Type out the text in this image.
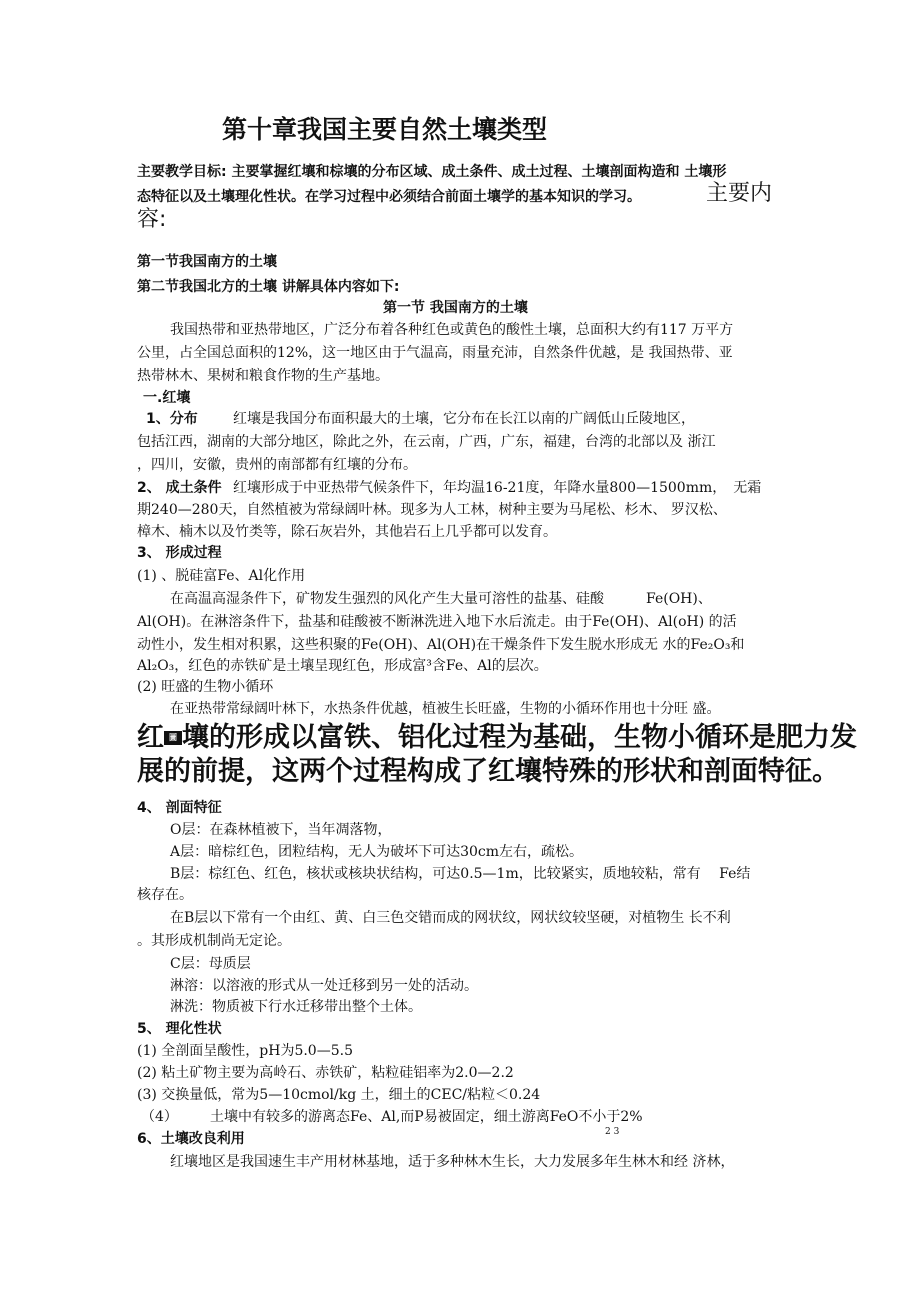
第十章我国主要自然土壤类型
主要教学目标: 主要掌握红壤和棕壤的分布区域、成土条件、成土过程、土壤剖面构造和 土壤形
态特征以及土壤理化性状。在学习过程中必须结合前面土壤学的基本知识的学习。	主要内
容:
第一节我国南方的土壤
第二节我国北方的土壤 讲解具体内容如下:
第一节 我国南方的土壤
我国热带和亚热带地区，广泛分布着各种红色或黄色的酸性土壤，总面积大约有117 万平方
公里，占全国总面积的12%，这一地区由于气温高，雨量充沛，自然条件优越，是 我国热带、亚
热带林木、果树和粮食作物的生产基地。
一.红壤
1、分布	红壤是我国分布面积最大的土壤，它分布在长江以南的广阔低山丘陵地区，
包括江西，湖南的大部分地区，除此之外，在云南，广西，广东，福建，台湾的北部以及 浙江
，四川，安徽，贵州的南部都有红壤的分布。
2、 成土条件 红壤形成于中亚热带气候条件下，年均温16-21度，年降水量800—1500mm，　无霜
期240—280天，自然植被为常绿阔叶林。现多为人工林，树种主要为马尾松、杉木、 罗汉松、
樟木、楠木以及竹类等，除石灰岩外，其他岩石上几乎都可以发育。
3、 形成过程
(1) 、脱硅富Fe、Al化作用
在高温高湿条件下，矿物发生强烈的风化产生大量可溶性的盐基、硅酸　　　Fe(OH)、
Al(OH)。在淋溶条件下，盐基和硅酸被不断淋洗进入地下水后流走。由于Fe(OH)、Al(oH) 的活
动性小，发生相对积累，这些积聚的Fe(OH)、Al(OH)在干燥条件下发生脱水形成无 水的Fe₂O₃和
Al₂O₃，红色的赤铁矿是土壤呈现红色，形成富³含Fe、Al的层次。
(2) 旺盛的生物小循环
在亚热带常绿阔叶林下，水热条件优越，植被生长旺盛，生物的小循环作用也十分旺 盛。
红 圖 壤的形成以富铁、铝化过程为基础，生物小循环是肥力发
展的前提，这两个过程构成了红壤特殊的形状和剖面特征。
4、 剖面特征
O层：在森林植被下，当年凋落物，
A层：暗棕红色，团粒结构，无人为破坏下可达30cm左右，疏松。
B层：棕红色、红色，核状或核块状结构，可达0.5—1m，比较紧实，质地较粘，常有　 Fe结
核存在。
在B层以下常有一个由红、黄、白三色交错而成的网状纹，网状纹较坚硬，对植物生 长不利
。其形成机制尚无定论。
C层：母质层
淋溶：以溶液的形式从一处迁移到另一处的活动。
淋洗：物质被下行水迁移带出整个土体。
5、 理化性状
(1) 全剖面呈酸性，pH为5.0—5.5
(2) 粘土矿物主要为高岭石、赤铁矿，粘粒硅铝率为2.0—2.2
(3) 交换量低，常为5—10cmol/kg 土，细土的CEC/粘粒＜0.24
（4） 土壤中有较多的游离态Fe、Al,而P易被固定，细土游离FeO不小于2%
6、土壤改良利用	2 3
红壤地区是我国速生丰产用材林基地，适于多种林木生长，大力发展多年生林木和经 济林，
